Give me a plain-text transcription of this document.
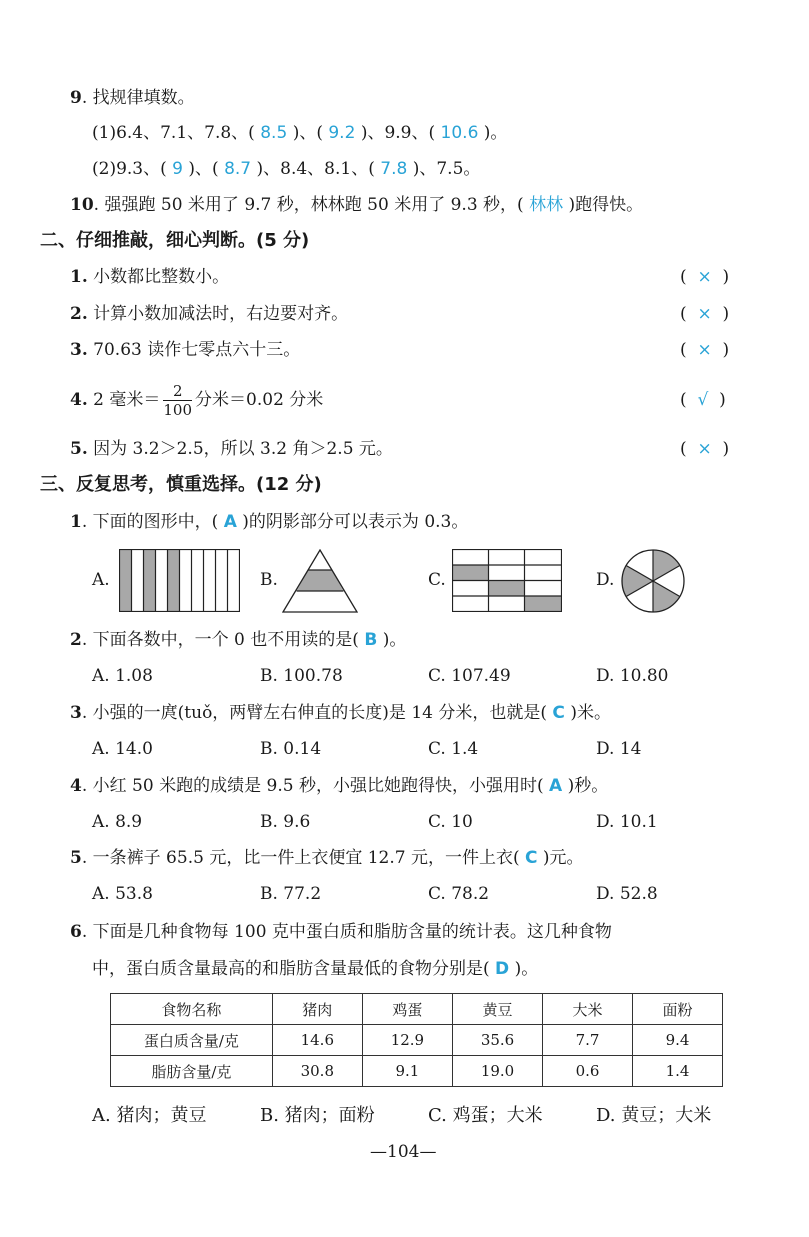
9. 找规律填数。
(1)6.4、7.1、7.8、( 8.5 )、( 9.2 )、9.9、( 10.6 )。
(2)9.3、( 9 )、( 8.7 )、8.4、8.1、( 7.8 )、7.5。
10. 强强跑 50 米用了 9.7 秒，林林跑 50 米用了 9.3 秒，( 林林 )跑得快。
二、仔细推敲，细心判断。(5 分)
1. 小数都比整数小。	( × )
2. 计算小数加减法时，右边要对齐。	( × )
3. 70.63 读作七零点六十三。	( × )
4. 2 毫米＝ $\frac{2}{100}$ 分米＝0.02 分米	( √ )
5. 因为 3.2＞2.5，所以 3.2 角＞2.5 元。	( × )
三、反复思考，慎重选择。(12 分)
1. 下面的图形中，( A )的阴影部分可以表示为 0.3。
A.	B.	C.	D.
2. 下面各数中，一个 0 也不用读的是( B )。
A. 1.08	B. 100.78	C. 107.49	D. 10.80
3. 小强的一庹(tuǒ，两臂左右伸直的长度)是 14 分米，也就是( C )米。
A. 14.0	B. 0.14	C. 1.4	D. 14
4. 小红 50 米跑的成绩是 9.5 秒，小强比她跑得快，小强用时( A )秒。
A. 8.9	B. 9.6	C. 10	D. 10.1
5. 一条裤子 65.5 元，比一件上衣便宜 12.7 元，一件上衣( C )元。
A. 53.8	B. 77.2	C. 78.2	D. 52.8
6. 下面是几种食物每 100 克中蛋白质和脂肪含量的统计表。这几种食物
中，蛋白质含量最高的和脂肪含量最低的食物分别是( D )。
食物名称	猪肉	鸡蛋	黄豆	大米	面粉
蛋白质含量/克	14.6	12.9	35.6	7.7	9.4
脂肪含量/克	30.8	9.1	19.0	0.6	1.4
A. 猪肉；黄豆	B. 猪肉；面粉	C. 鸡蛋；大米	D. 黄豆；大米
—104—
